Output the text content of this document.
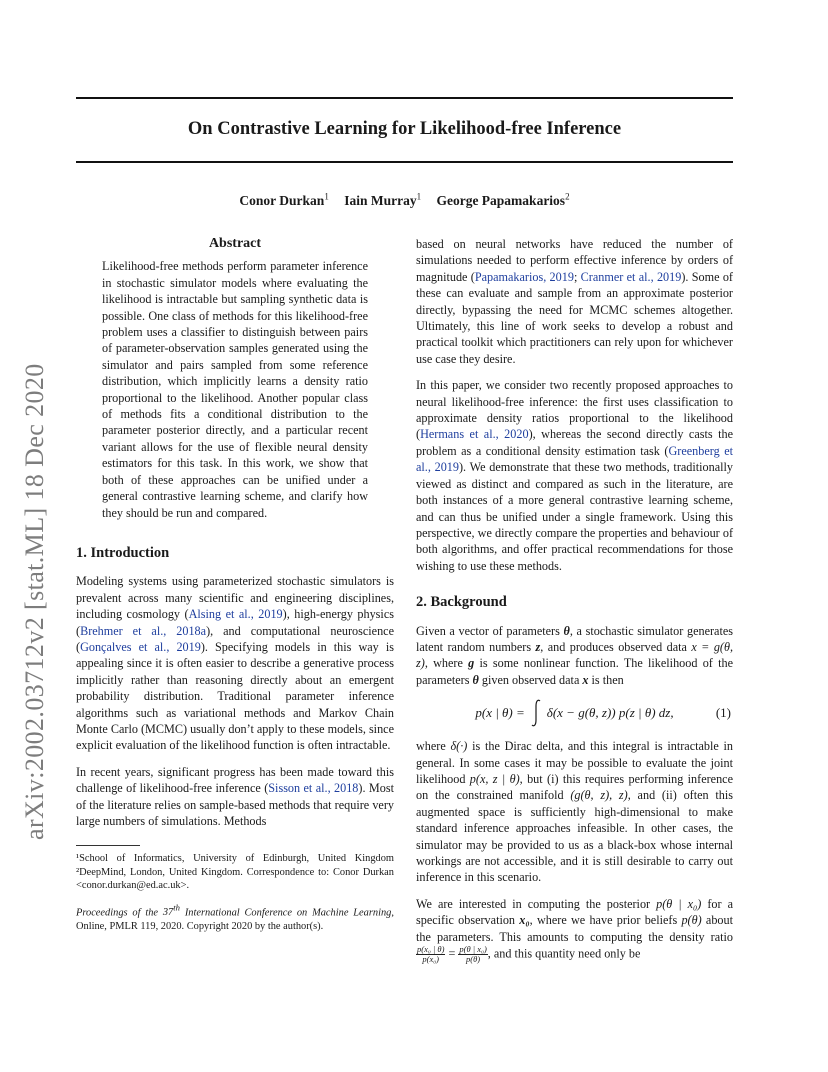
On Contrastive Learning for Likelihood-free Inference
Conor Durkan$^1$ Iain Murray$^1$ George Papamakarios$^2$
arXiv:2002.03712v2 [stat.ML] 18 Dec 2020
Abstract

Likelihood-free methods perform parameter inference in stochastic simulator models where evaluating the likelihood is intractable but sampling synthetic data is possible. One class of methods for this likelihood-free problem uses a classifier to distinguish between pairs of parameter-observation samples generated using the simulator and pairs sampled from some reference distribution, which implicitly learns a density ratio proportional to the likelihood. Another popular class of methods fits a conditional distribution to the parameter posterior directly, and a particular recent variant allows for the use of flexible neural density estimators for this task. In this work, we show that both of these approaches can be unified under a general contrastive learning scheme, and clarify how they should be run and compared.

1. Introduction

Modeling systems using parameterized stochastic simulators is prevalent across many scientific and engineering disciplines, including cosmology (Alsing et al., 2019), high-energy physics (Brehmer et al., 2018a), and computational neuroscience (Gonçalves et al., 2019). Specifying models in this way is appealing since it is often easier to describe a generative process implicitly rather than reasoning directly about an emergent probability distribution. Traditional parameter inference algorithms such as variational methods and Markov Chain Monte Carlo (MCMC) usually don’t apply to these models, since explicit evaluation of the likelihood function is often intractable.

In recent years, significant progress has been made toward this challenge of likelihood-free inference (Sisson et al., 2018). Most of the literature relies on sample-based methods that require very large numbers of simulations. Methods

¹School of Informatics, University of Edinburgh, United Kingdom ²DeepMind, London, United Kingdom. Correspondence to: Conor Durkan <conor.durkan@ed.ac.uk>.

Proceedings of the 37th International Conference on Machine Learning, Online, PMLR 119, 2020. Copyright 2020 by the author(s).

based on neural networks have reduced the number of simulations needed to perform effective inference by orders of magnitude (Papamakarios, 2019; Cranmer et al., 2019). Some of these can evaluate and sample from an approximate posterior directly, bypassing the need for MCMC schemes altogether. Ultimately, this line of work seeks to develop a robust and practical toolkit which practitioners can rely upon for whichever use case they desire.

In this paper, we consider two recently proposed approaches to neural likelihood-free inference: the first uses classification to approximate density ratios proportional to the likelihood (Hermans et al., 2020), whereas the second directly casts the problem as a conditional density estimation task (Greenberg et al., 2019). We demonstrate that these two methods, traditionally viewed as distinct and compared as such in the literature, are both instances of a more general contrastive learning scheme, and can thus be unified under a single framework. Using this perspective, we directly compare the properties and behaviour of both algorithms, and offer practical recommendations for those wishing to use these methods.

2. Background

Given a vector of parameters θ, a stochastic simulator generates latent random numbers z, and produces observed data x = g(θ, z), where g is some nonlinear function. The likelihood of the parameters θ given observed data x is then

p(x | θ) = δ(x − g(θ, z)) p(z | θ) dz,	(1)

where δ(·) is the Dirac delta, and this integral is intractable in general. In some cases it may be possible to evaluate the joint likelihood p(x, z | θ), but (i) this requires performing inference on the constrained manifold (g(θ, z), z), and (ii) often this augmented space is sufficiently high-dimensional to make standard inference approaches infeasible. In other cases, the simulator may be provided to us as a black-box whose internal workings are not accessible, and it is still desirable to carry out inference in this scenario.

We are interested in computing the posterior p(θ | x₀) for a specific observation x₀, where we have prior beliefs p(θ) about the parameters. This amounts to computing the density ratio
$\frac{\text{p(x₀ | θ)}}{\text{p(x₀)}} = \frac{\text{p(θ | x₀)}}{p(\theta)}$ , and this quantity need only be
